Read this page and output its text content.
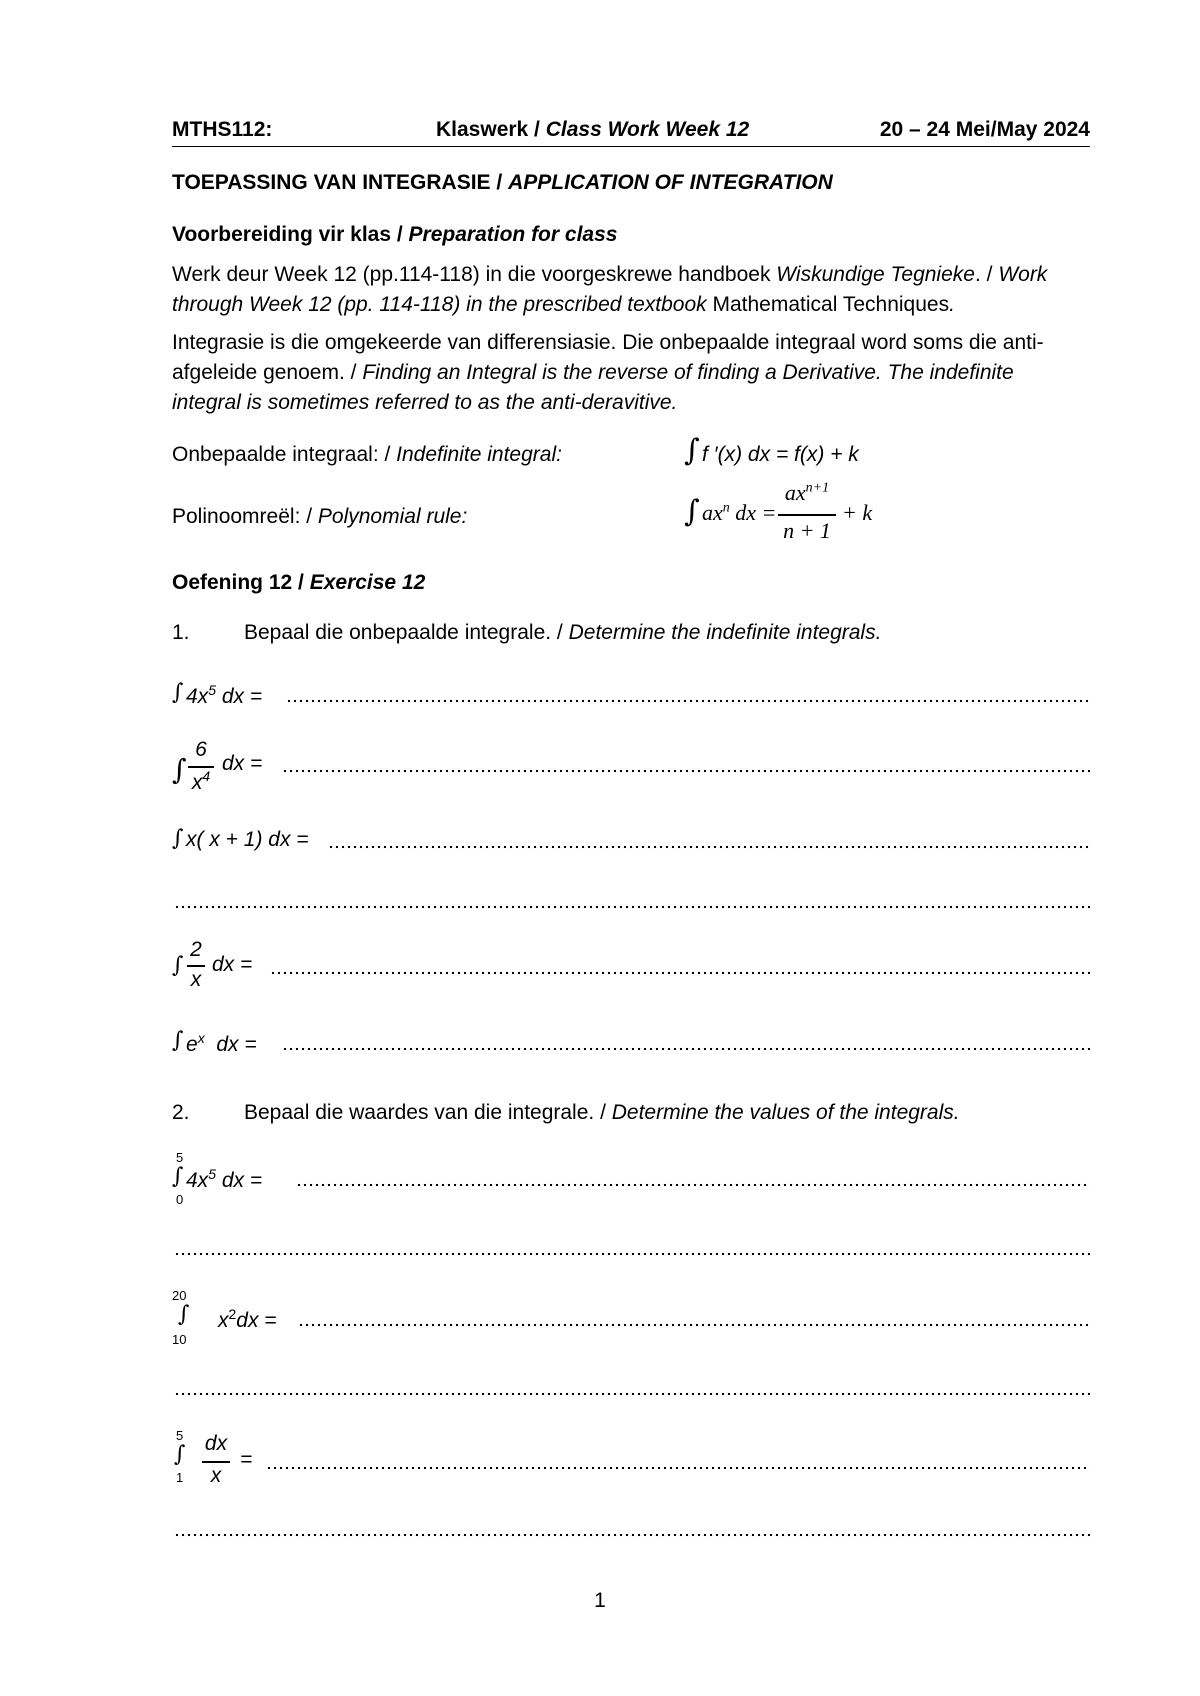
MTHS112:	Klaswerk / Class Work Week 12	20 – 24 Mei/May 2024
TOEPASSING VAN INTEGRASIE / APPLICATION OF INTEGRATION
Voorbereiding vir klas / Preparation for class
Werk deur Week 12 (pp.114-118) in die voorgeskrewe handboek Wiskundige Tegnieke. / Work
through Week 12 (pp. 114-118) in the prescribed textbook Mathematical Techniques.
Integrasie is die omgekeerde van differensiasie. Die onbepaalde integraal word soms die anti-
afgeleide genoem. / Finding an Integral is the reverse of finding a Derivative. The indefinite
integral is sometimes referred to as the anti-deravitive.
Onbepaalde integraal: / Indefinite integral:	∫ f ′(x) dx = f(x) + k
Polinoomreël: / Polynomial rule:	∫ $ax^n$ dx =
$ax^{n+1}$
n + 1
+ k
Oefening 12 / Exercise 12
1.	Bepaal die onbepaalde integrale. / Determine the indefinite integrals.
∫ $4x^5$ dx =
∫
6
$x^4$
dx =
∫ x( x + 1) dx =
∫
2
x
dx =
∫ $e^x$ dx =
2.	Bepaal die waardes van die integrale. / Determine the values of the integrals.
5
∫
0
$4x^5$ dx =
20
∫
10
$x^2dx$ =
5
∫
1
dx
x
=
1
